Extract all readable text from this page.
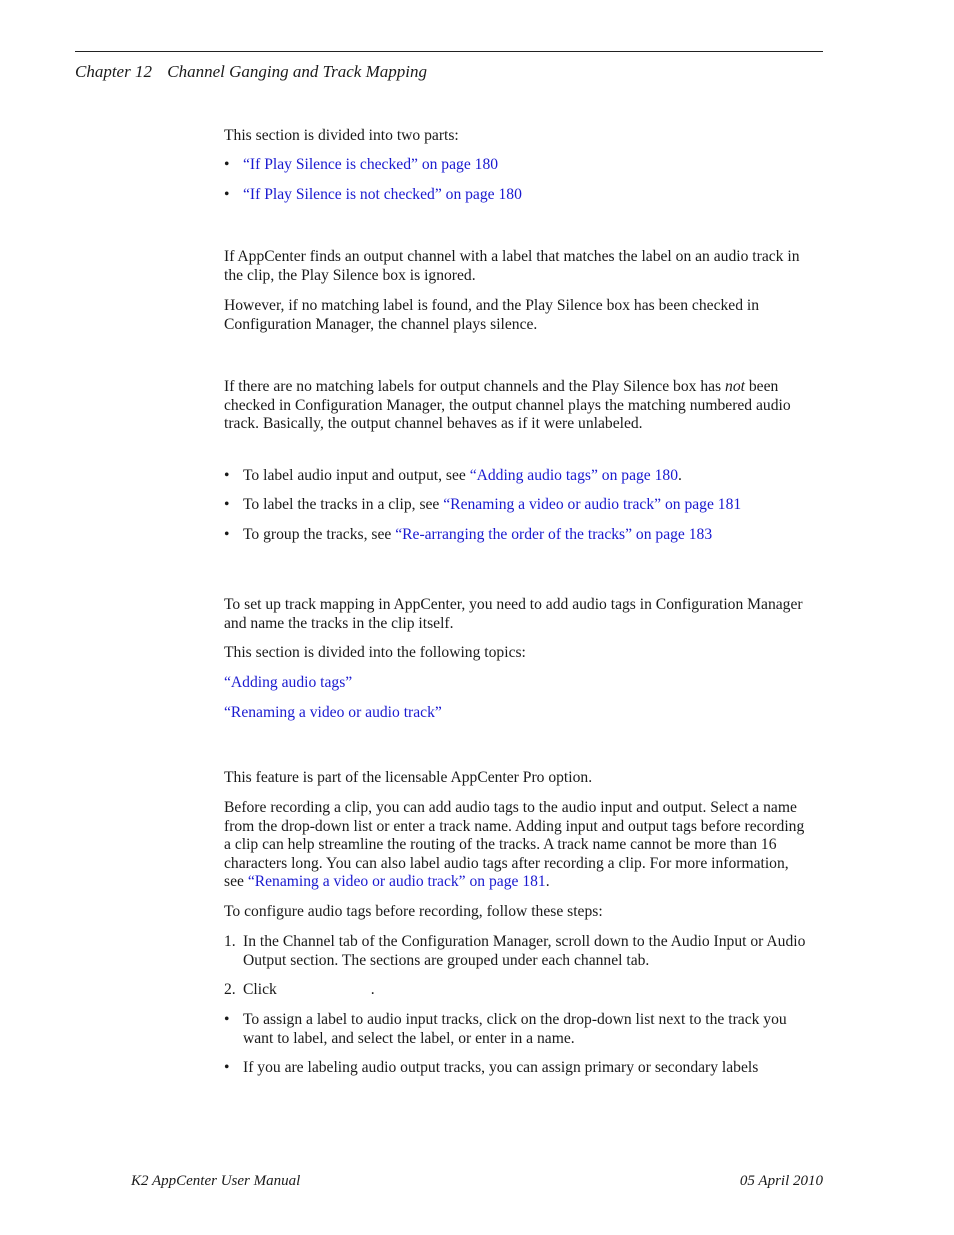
Chapter 12 Channel Ganging and Track Mapping
This section is divided into two parts:
• “If Play Silence is checked” on page 180
• “If Play Silence is not checked” on page 180
If AppCenter finds an output channel with a label that matches the label on an audio track in the clip, the Play Silence box is ignored.
However, if no matching label is found, and the Play Silence box has been checked in Configuration Manager, the channel plays silence.
If there are no matching labels for output channels and the Play Silence box has not been checked in Configuration Manager, the output channel plays the matching numbered audio track. Basically, the output channel behaves as if it were unlabeled.
• To label audio input and output, see “Adding audio tags” on page 180.
• To label the tracks in a clip, see “Renaming a video or audio track” on page 181
• To group the tracks, see “Re-arranging the order of the tracks” on page 183
To set up track mapping in AppCenter, you need to add audio tags in Configuration Manager and name the tracks in the clip itself.
This section is divided into the following topics:
“Adding audio tags”
“Renaming a video or audio track”
This feature is part of the licensable AppCenter Pro option.
Before recording a clip, you can add audio tags to the audio input and output. Select a name from the drop-down list or enter a track name. Adding input and output tags before recording a clip can help streamline the routing of the tracks. A track name cannot be more than 16 characters long. You can also label audio tags after recording a clip. For more information, see “Renaming a video or audio track” on page 181.
To configure audio tags before recording, follow these steps:
1. In the Channel tab of the Configuration Manager, scroll down to the Audio Input or Audio Output section. The sections are grouped under each channel tab.
2. Click	.
• To assign a label to audio input tracks, click on the drop-down list next to the track you want to label, and select the label, or enter in a name.
• If you are labeling audio output tracks, you can assign primary or secondary labels
K2 AppCenter User Manual	05 April 2010
